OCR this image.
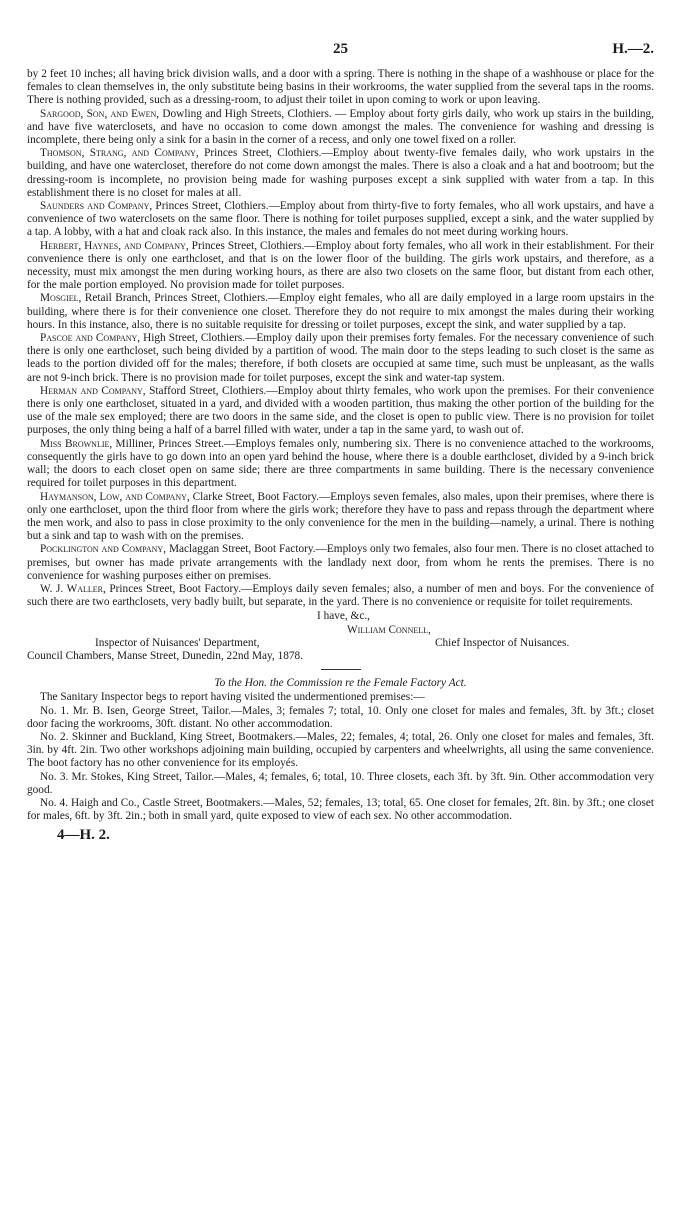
25	H.—2.

by 2 feet 10 inches; all having brick division walls, and a door with a spring. There is nothing in the shape of a washhouse or place for the females to clean themselves in, the only substitute being basins in their workrooms, the water supplied from the several taps in the rooms. There is nothing provided, such as a dressing-room, to adjust their toilet in upon coming to work or upon leaving.

Sargood, Son, and Ewen, Dowling and High Streets, Clothiers. — Employ about forty girls daily, who work up stairs in the building, and have five waterclosets, and have no occasion to come down amongst the males. The convenience for washing and dressing is incomplete, there being only a sink for a basin in the corner of a recess, and only one towel fixed on a roller.

Thomson, Strang, and Company, Princes Street, Clothiers.—Employ about twenty-five females daily, who work upstairs in the building, and have one watercloset, therefore do not come down amongst the males. There is also a cloak and a hat and bootroom; but the dressing-room is incomplete, no provision being made for washing purposes except a sink supplied with water from a tap. In this establishment there is no closet for males at all.

Saunders and Company, Princes Street, Clothiers.—Employ about from thirty-five to forty females, who all work upstairs, and have a convenience of two waterclosets on the same floor. There is nothing for toilet purposes supplied, except a sink, and the water supplied by a tap. A lobby, with a hat and cloak rack also. In this instance, the males and females do not meet during working hours.

Herbert, Haynes, and Company, Princes Street, Clothiers.—Employ about forty females, who all work in their establishment. For their convenience there is only one earthcloset, and that is on the lower floor of the building. The girls work upstairs, and therefore, as a necessity, must mix amongst the men during working hours, as there are also two closets on the same floor, but distant from each other, for the male portion employed. No provision made for toilet purposes.

Mosgiel, Retail Branch, Princes Street, Clothiers.—Employ eight females, who all are daily employed in a large room upstairs in the building, where there is for their convenience one closet. Therefore they do not require to mix amongst the males during their working hours. In this instance, also, there is no suitable requisite for dressing or toilet purposes, except the sink, and water supplied by a tap.

Pascoe and Company, High Street, Clothiers.—Employ daily upon their premises forty females. For the necessary convenience of such there is only one earthcloset, such being divided by a partition of wood. The main door to the steps leading to such closet is the same as leads to the portion divided off for the males; therefore, if both closets are occupied at same time, such must be unpleasant, as the walls are not 9-inch brick. There is no provision made for toilet purposes, except the sink and water-tap system.

Herman and Company, Stafford Street, Clothiers.—Employ about thirty females, who work upon the premises. For their convenience there is only one earthcloset, situated in a yard, and divided with a wooden partition, thus making the other portion of the building for the use of the male sex employed; there are two doors in the same side, and the closet is open to public view. There is no provision for toilet purposes, the only thing being a half of a barrel filled with water, under a tap in the same yard, to wash out of.

Miss Brownlie, Milliner, Princes Street.—Employs females only, numbering six. There is no convenience attached to the workrooms, consequently the girls have to go down into an open yard behind the house, where there is a double earthcloset, divided by a 9-inch brick wall; the doors to each closet open on same side; there are three compartments in same building. There is the necessary convenience required for toilet purposes in this department.

Haymanson, Low, and Company, Clarke Street, Boot Factory.—Employs seven females, also males, upon their premises, where there is only one earthcloset, upon the third floor from where the girls work; therefore they have to pass and repass through the department where the men work, and also to pass in close proximity to the only convenience for the men in the building—namely, a urinal. There is nothing but a sink and tap to wash with on the premises.

Pocklington and Company, Maclaggan Street, Boot Factory.—Employs only two females, also four men. There is no closet attached to premises, but owner has made private arrangements with the landlady next door, from whom he rents the premises. There is no convenience for washing purposes either on premises.

W. J. Waller, Princes Street, Boot Factory.—Employs daily seven females; also, a number of men and boys. For the convenience of such there are two earthclosets, very badly built, but separate, in the yard. There is no convenience or requisite for toilet requirements.

I have, &c.,
William Connell,
Inspector of Nuisances' Department,	Chief Inspector of Nuisances.
Council Chambers, Manse Street, Dunedin, 22nd May, 1878.
To the Hon. the Commission re the Female Factory Act.

The Sanitary Inspector begs to report having visited the undermentioned premises:—

No. 1. Mr. B. Isen, George Street, Tailor.—Males, 3; females 7; total, 10. Only one closet for males and females, 3ft. by 3ft.; closet door facing the workrooms, 30ft. distant. No other accommodation.

No. 2. Skinner and Buckland, King Street, Bootmakers.—Males, 22; females, 4; total, 26. Only one closet for males and females, 3ft. 3in. by 4ft. 2in. Two other workshops adjoining main building, occupied by carpenters and wheelwrights, all using the same convenience. The boot factory has no other convenience for its employés.

No. 3. Mr. Stokes, King Street, Tailor.—Males, 4; females, 6; total, 10. Three closets, each 3ft. by 3ft. 9in. Other accommodation very good.

No. 4. Haigh and Co., Castle Street, Bootmakers.—Males, 52; females, 13; total, 65. One closet for females, 2ft. 8in. by 3ft.; one closet for males, 6ft. by 3ft. 2in.; both in small yard, quite exposed to view of each sex. No other accommodation.

4—H. 2.
